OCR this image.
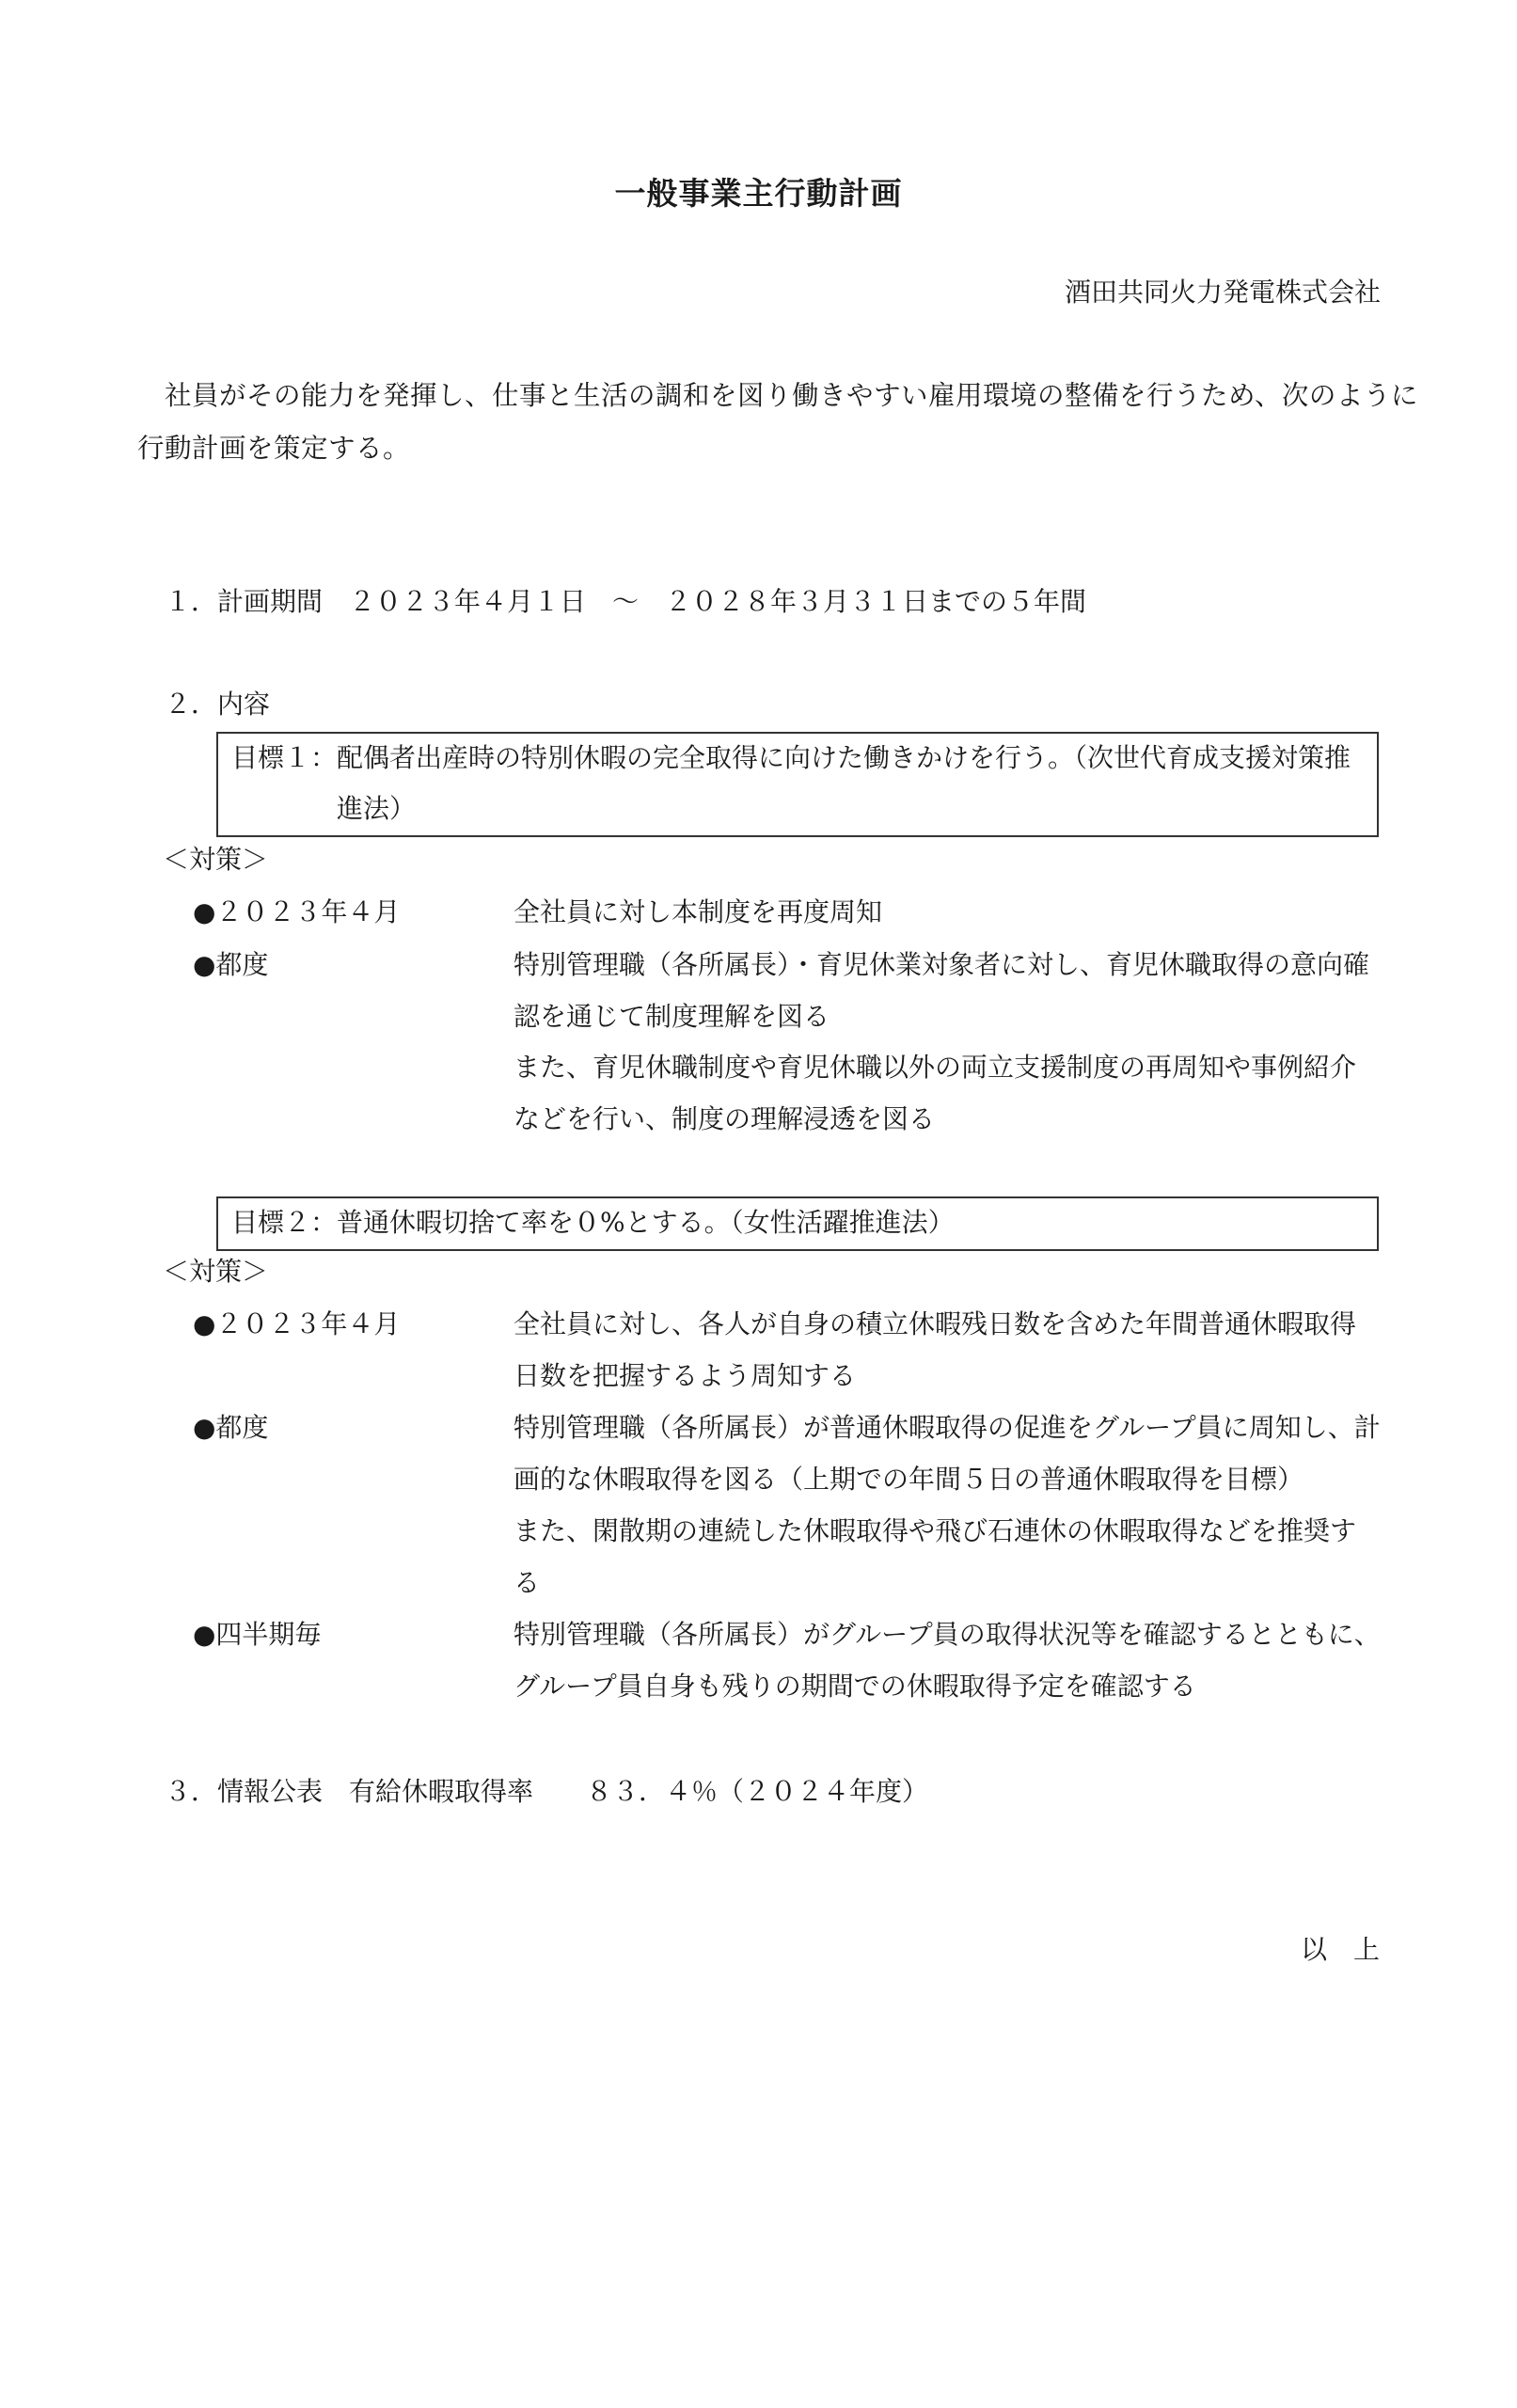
一般事業主行動計画
酒田共同火力発電株式会社
　社員がその能力を発揮し、仕事と生活の調和を図り働きやすい雇用環境の整備を行うため、次のように
行動計画を策定する。
１．計画期間　２０２３年４月１日　～　２０２８年３月３１日までの５年間
２．内容
目標１：配偶者出産時の特別休暇の完全取得に向けた働きかけを行う。（次世代育成支援対策推
進法）
＜対策＞
●２０２３年４月	全社員に対し本制度を再度周知
●都度	特別管理職（各所属長）・育児休業対象者に対し、育児休職取得の意向確
認を通じて制度理解を図る
また、育児休職制度や育児休職以外の両立支援制度の再周知や事例紹介
などを行い、制度の理解浸透を図る
目標２：普通休暇切捨て率を０%とする。（女性活躍推進法）
＜対策＞
●２０２３年４月	全社員に対し、各人が自身の積立休暇残日数を含めた年間普通休暇取得
日数を把握するよう周知する
●都度	特別管理職（各所属長）が普通休暇取得の促進をグループ員に周知し、計
画的な休暇取得を図る（上期での年間５日の普通休暇取得を目標）
また、閑散期の連続した休暇取得や飛び石連休の休暇取得などを推奨す
る
●四半期毎	特別管理職（各所属長）がグループ員の取得状況等を確認するとともに、
グループ員自身も残りの期間での休暇取得予定を確認する
３．情報公表　有給休暇取得率　　８３．４％（２０２４年度）
以　上
